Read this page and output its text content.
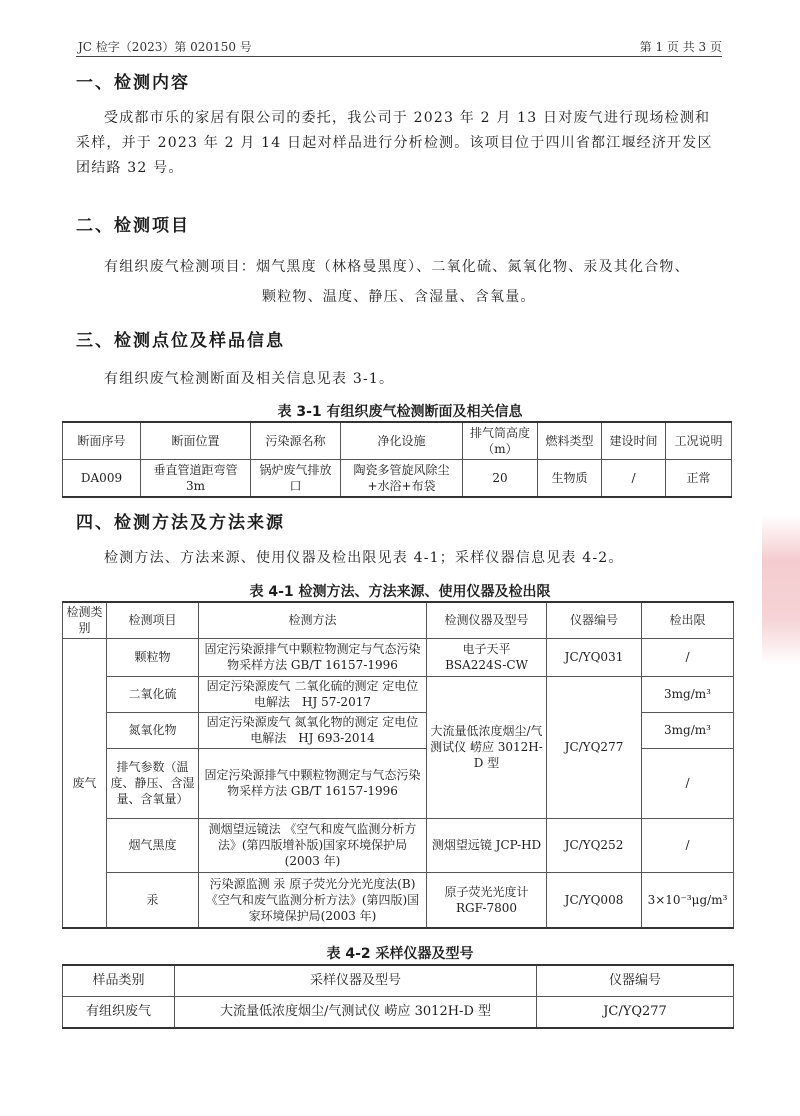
JC 检字（2023）第 020150 号	第 1 页 共 3 页
一、检测内容
受成都市乐的家居有限公司的委托，我公司于 2023 年 2 月 13 日对废气进行现场检测和采样，并于 2023 年 2 月 14 日起对样品进行分析检测。该项目位于四川省都江堰经济开发区团结路 32 号。
二、检测项目
有组织废气检测项目：烟气黑度（林格曼黑度）、二氧化硫、氮氧化物、汞及其化合物、
颗粒物、温度、静压、含湿量、含氧量。
三、检测点位及样品信息
有组织废气检测断面及相关信息见表 3-1。
表 3-1 有组织废气检测断面及相关信息
断面序号	断面位置	污染源名称	净化设施	排气筒高度（m）	燃料类型	建设时间	工况说明
DA009	垂直管道距弯管 3m	锅炉废气排放口	陶瓷多管旋风除尘+水浴+布袋	20	生物质	/	正常
四、检测方法及方法来源
检测方法、方法来源、使用仪器及检出限见表 4-1；采样仪器信息见表 4-2。
表 4-1 检测方法、方法来源、使用仪器及检出限
检测类别	检测项目	检测方法	检测仪器及型号	仪器编号	检出限
废气	颗粒物	固定污染源排气中颗粒物测定与气态污染物采样方法 GB/T 16157-1996	电子天平 BSA224S-CW	JC/YQ031	/
	二氧化硫	固定污染源废气 二氧化硫的测定 定电位电解法　HJ 57-2017	大流量低浓度烟尘/气测试仪 崂应 3012H-D 型	JC/YQ277	3mg/m³
	氮氧化物	固定污染源废气 氮氧化物的测定 定电位电解法　HJ 693-2014			3mg/m³
	排气参数（温度、静压、含湿量、含氧量）	固定污染源排气中颗粒物测定与气态污染物采样方法 GB/T 16157-1996			/
	烟气黑度	测烟望远镜法 《空气和废气监测分析方法》(第四版增补版)国家环境保护局(2003 年)	测烟望远镜 JCP-HD	JC/YQ252	/
	汞	污染源监测 汞 原子荧光分光光度法(B)《空气和废气监测分析方法》(第四版)国家环境保护局(2003 年)	原子荧光光度计 RGF-7800	JC/YQ008	3×10⁻³μg/m³
表 4-2 采样仪器及型号
样品类别	采样仪器及型号	仪器编号
有组织废气	大流量低浓度烟尘/气测试仪 崂应 3012H-D 型	JC/YQ277
